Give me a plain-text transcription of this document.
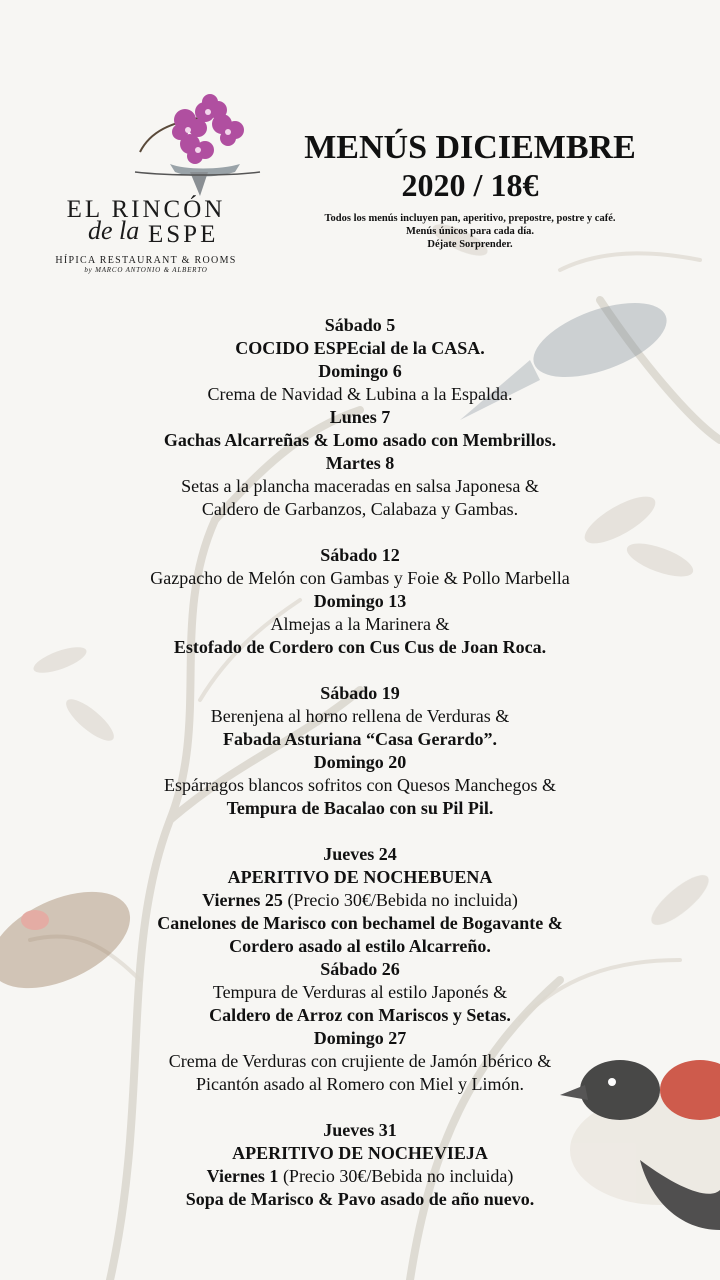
EL RINCÓN
de la ESPE
HÍPICA RESTAURANT & ROOMS
by MARCO ANTONIO & ALBERTO
MENÚS DICIEMBRE
2020 / 18€
Todos los menús incluyen pan, aperitivo, prepostre, postre y café.
Menús únicos para cada día.
Déjate Sorprender.
Sábado 5
COCIDO ESPEcial de la CASA.
Domingo 6
Crema de Navidad & Lubina a la Espalda.
Lunes 7
Gachas Alcarreñas & Lomo asado con Membrillos.
Martes 8
Setas a la plancha maceradas en salsa Japonesa &
Caldero de Garbanzos, Calabaza y Gambas.
Sábado 12
Gazpacho de Melón con Gambas y Foie & Pollo Marbella
Domingo 13
Almejas a la Marinera &
Estofado de Cordero con Cus Cus de Joan Roca.
Sábado 19
Berenjena al horno rellena de Verduras &
Fabada Asturiana “Casa Gerardo”.
Domingo 20
Espárragos blancos sofritos con Quesos Manchegos &
Tempura de Bacalao con su Pil Pil.
Jueves 24
APERITIVO DE NOCHEBUENA
Viernes 25 (Precio 30€/Bebida no incluida)
Canelones de Marisco con bechamel de Bogavante &
Cordero asado al estilo Alcarreño.
Sábado 26
Tempura de Verduras al estilo Japonés &
Caldero de Arroz con Mariscos y Setas.
Domingo 27
Crema de Verduras con crujiente de Jamón Ibérico &
Picantón asado al Romero con Miel y Limón.
Jueves 31
APERITIVO DE NOCHEVIEJA
Viernes 1 (Precio 30€/Bebida no incluida)
Sopa de Marisco & Pavo asado de año nuevo.
